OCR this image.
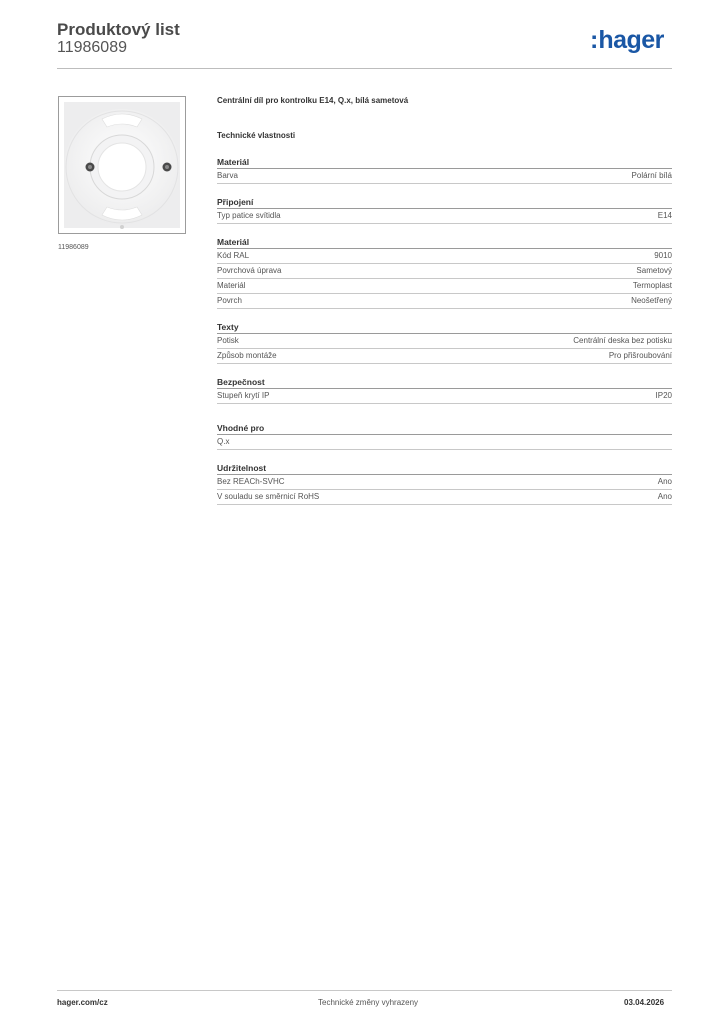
Produktový list
11986089	:hager
11986089
Centrální díl pro kontrolku E14, Q.x, bílá sametová
Technické vlastnosti
Materiál
Barva	Polární bílá
Připojení
Typ patice svítidla	E14
Materiál
Kód RAL	9010
Povrchová úprava	Sametový
Materiál	Termoplast
Povrch	Neošetřený
Texty
Potisk	Centrální deska bez potisku
Způsob montáže	Pro přišroubování
Bezpečnost
Stupeň krytí IP	IP20
Vhodné pro
Q.x
Udržitelnost
Bez REACh-SVHC	Ano
V souladu se směrnicí RoHS	Ano
hager.com/cz	Technické změny vyhrazeny	03.04.2026
